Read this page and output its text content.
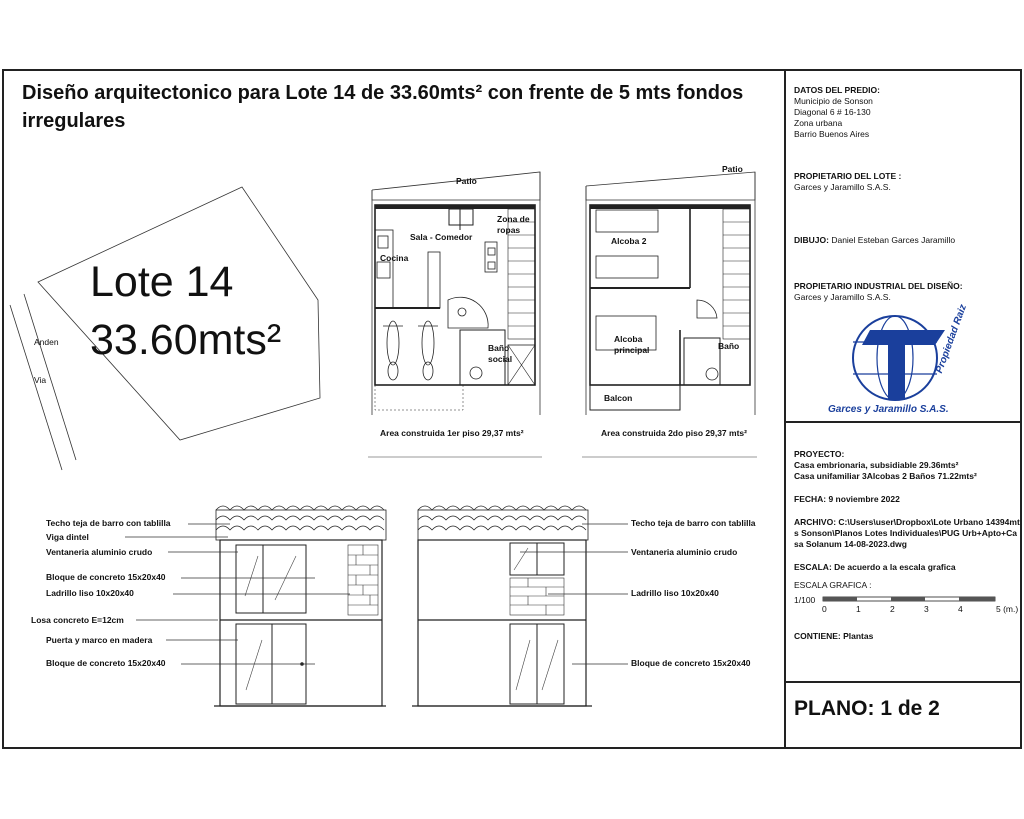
Diseño arquitectonico para Lote 14 de 33.60mts² con frente de 5 mts fondos irregulares

Lote 14

33.60mts²

Anden
Via
Patio
Sala - Comedor
Zona de ropas
Cocina
Baño social
Area construida 1er piso 29,37 mts²
Patio
Alcoba 2
Alcoba principal	Baño
Balcon
Area construida 2do piso 29,37 mts²
Techo teja de barro con tablilla
Viga dintel
Ventaneria aluminio crudo
Bloque de concreto 15x20x40
Ladrillo liso 10x20x40
Losa concreto E=12cm
Puerta y marco en madera
Bloque de concreto 15x20x40
Techo teja de barro con tablilla
Ventaneria aluminio crudo
Ladrillo liso 10x20x40
Bloque de concreto 15x20x40
DATOS DEL PREDIO:
Municipio de Sonson
Diagonal 6 # 16-130
Zona urbana
Barrio Buenos Aires
PROPIETARIO DEL LOTE :
Garces y Jaramillo S.A.S.
DIBUJO: Daniel Esteban Garces Jaramillo
PROPIETARIO INDUSTRIAL DEL DISEÑO:
Garces y Jaramillo S.A.S.
Propiedad Raiz
Garces y Jaramillo S.A.S.
PROYECTO:
Casa embrionaria, subsidiable 29.36mts²
Casa unifamiliar 3Alcobas 2 Baños 71.22mts²
FECHA: 9 noviembre 2022
ARCHIVO: C:\Users\user\Dropbox\Lote Urbano 14394mts Sonson\Planos Lotes Individuales\PUG Urb+Apto+Casa Solanum 14-08-2023.dwg
ESCALA: De acuerdo a la escala grafica
ESCALA GRAFICA :
1/100
0	1	2	3	4	5 (m.)
CONTIENE: Plantas
PLANO: 1 de 2
